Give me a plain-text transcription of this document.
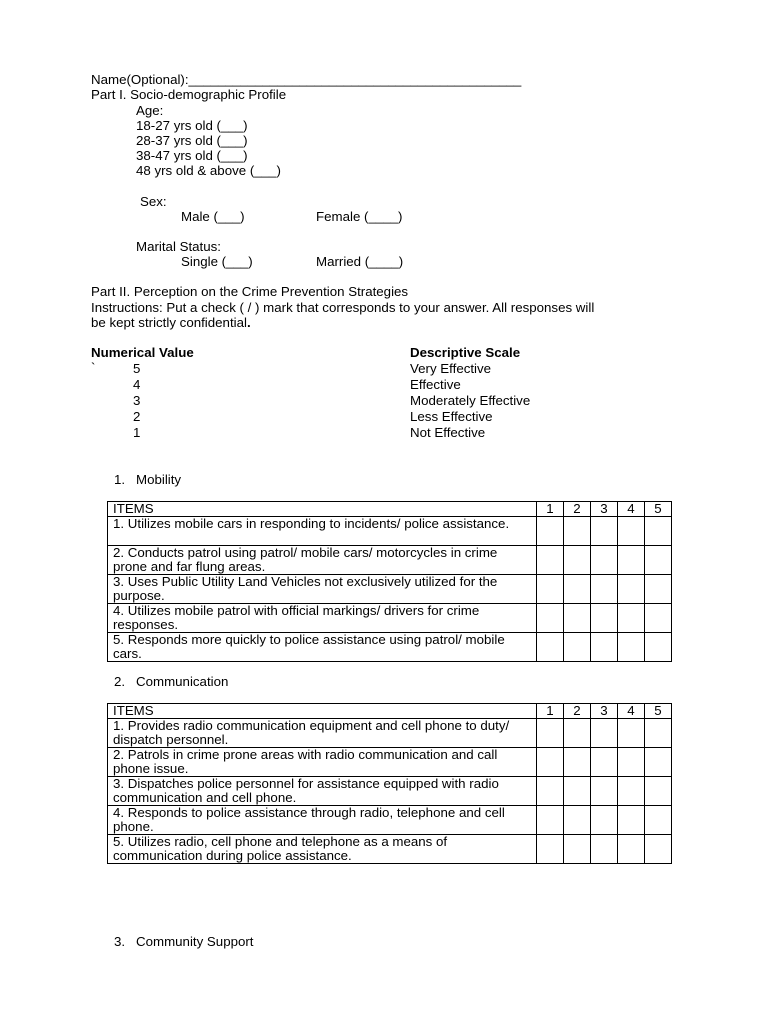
Name(Optional):_____________________________________________
Part I. Socio-demographic Profile
Age:
18-27 yrs old (___)
28-37 yrs old (___)
38-47 yrs old (___)
48 yrs old & above (___)
Sex:
Male (___)	Female (____)
Marital Status:
Single (___)	Married (____)
Part II. Perception on the Crime Prevention Strategies
Instructions: Put a check ( / ) mark that corresponds to your answer. All responses will
be kept strictly confidential.
Numerical Value	Descriptive Scale
`	5	Very Effective
4	Effective
3	Moderately Effective
2	Less Effective
1	Not Effective
1. Mobility
ITEMS	1	2	3	4	5
1. Utilizes mobile cars in responding to incidents/ police assistance.					
2. Conducts patrol using patrol/ mobile cars/ motorcycles in crime prone and far flung areas.					
3. Uses Public Utility Land Vehicles not exclusively utilized for the purpose.					
4. Utilizes mobile patrol with official markings/ drivers for crime responses.					
5. Responds more quickly to police assistance using patrol/ mobile cars.					
2. Communication
ITEMS	1	2	3	4	5
1. Provides radio communication equipment and cell phone to duty/ dispatch personnel.					
2. Patrols in crime prone areas with radio communication and call phone issue.					
3. Dispatches police personnel for assistance equipped with radio communication and cell phone.					
4. Responds to police assistance through radio, telephone and cell phone.					
5. Utilizes radio, cell phone and telephone as a means of communication during police assistance.					
3. Community Support
